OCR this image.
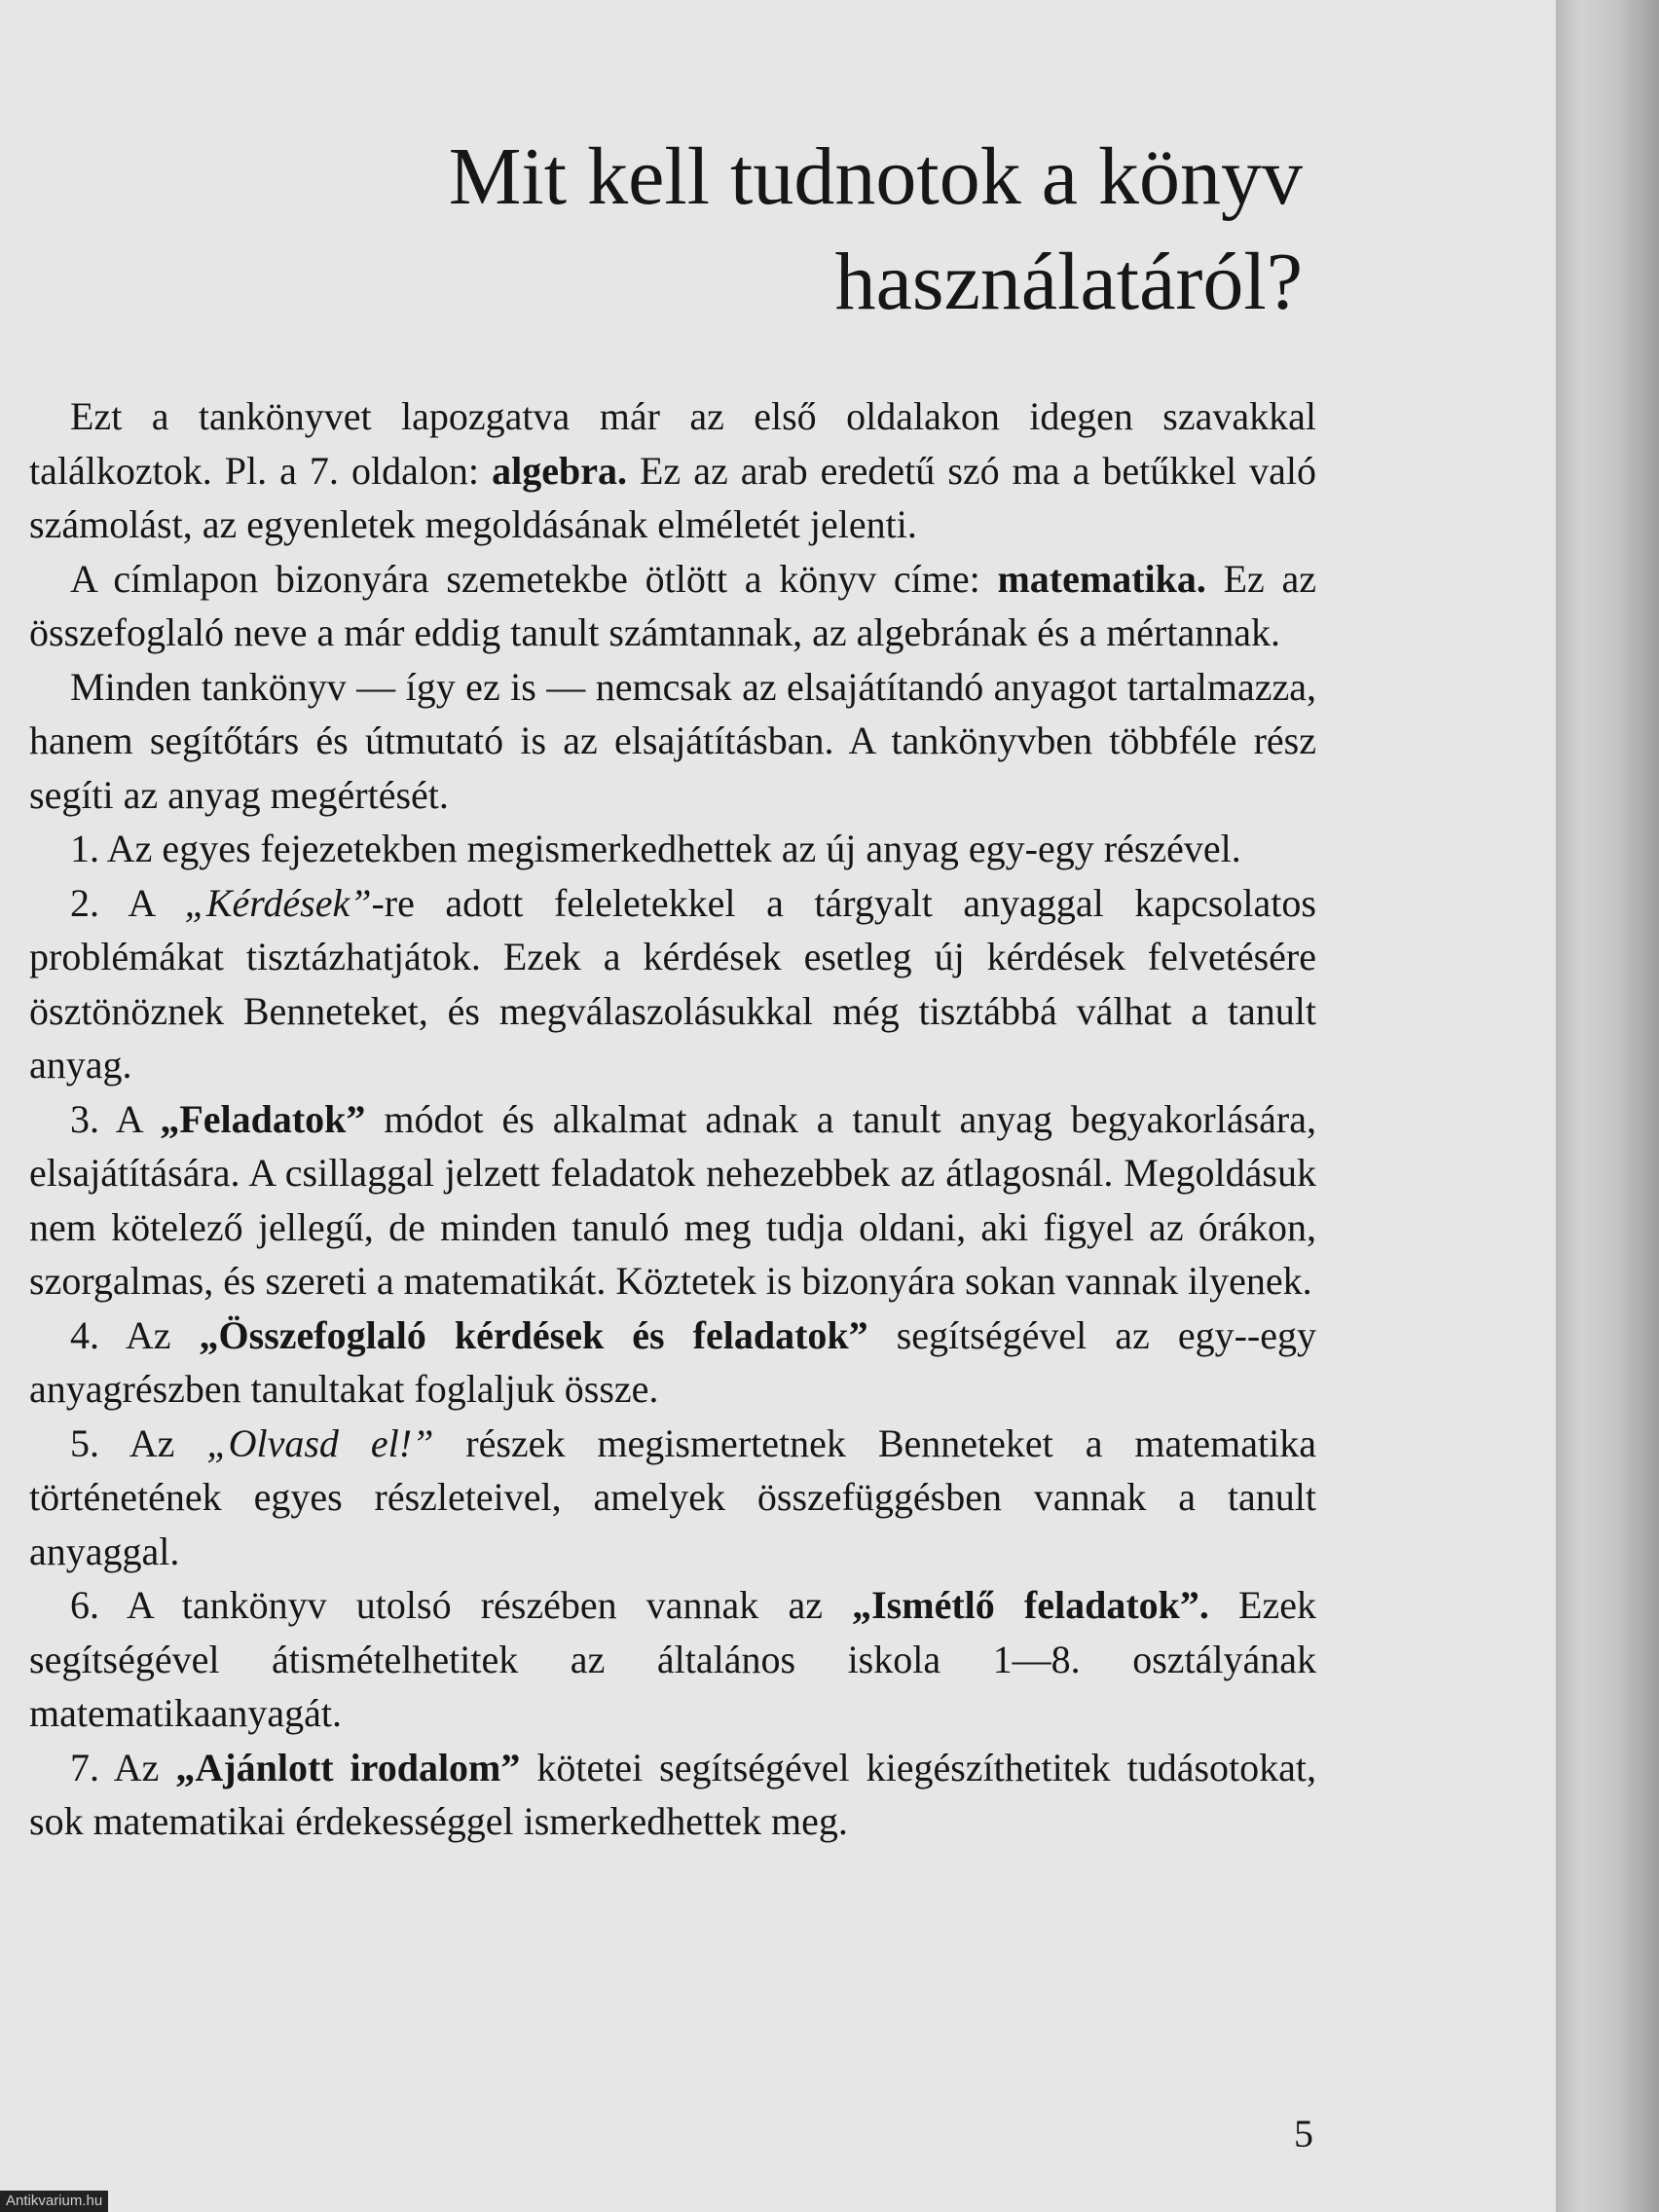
Mit kell tudnotok a könyv
használatáról?

Ezt a tankönyvet lapozgatva már az első oldalakon idegen szavakkal találkoztok. Pl. a 7. oldalon: algebra. Ez az arab eredetű szó ma a betűkkel való számolást, az egyenletek megoldásának elméletét jelenti.

A címlapon bizonyára szemetekbe ötlött a könyv címe: matematika. Ez az összefoglaló neve a már eddig tanult számtannak, az algebrának és a mértannak.

Minden tankönyv — így ez is — nemcsak az elsajátítandó anyagot tartalmazza, hanem segítőtárs és útmutató is az elsajátításban. A tankönyvben többféle rész segíti az anyag megértését.

1. Az egyes fejezetekben megismerkedhettek az új anyag egy-egy részével.

2. A „Kérdések”-re adott feleletekkel a tárgyalt anyaggal kapcsolatos problémákat tisztázhatjátok. Ezek a kérdések esetleg új kérdések felvetésére ösztönöznek Benneteket, és megválaszolásukkal még tisztábbá válhat a tanult anyag.

3. A „Feladatok” módot és alkalmat adnak a tanult anyag begyakorlására, elsajátítására. A csillaggal jelzett feladatok nehezebbek az átlagosnál. Megoldásuk nem kötelező jellegű, de minden tanuló meg tudja oldani, aki figyel az órákon, szorgalmas, és szereti a matematikát. Köztetek is bizonyára sokan vannak ilyenek.

4. Az „Összefoglaló kérdések és feladatok” segítségével az egy--egy anyagrészben tanultakat foglaljuk össze.

5. Az „Olvasd el!” részek megismertetnek Benneteket a matematika történetének egyes részleteivel, amelyek összefüggésben vannak a tanult anyaggal.

6. A tankönyv utolsó részében vannak az „Ismétlő feladatok”. Ezek segítségével átismételhetitek az általános iskola 1—8. osztályának matematikaanyagát.

7. Az „Ajánlott irodalom” kötetei segítségével kiegészíthetitek tudásotokat, sok matematikai érdekességgel ismerkedhettek meg.

5
Antikvarium.hu
